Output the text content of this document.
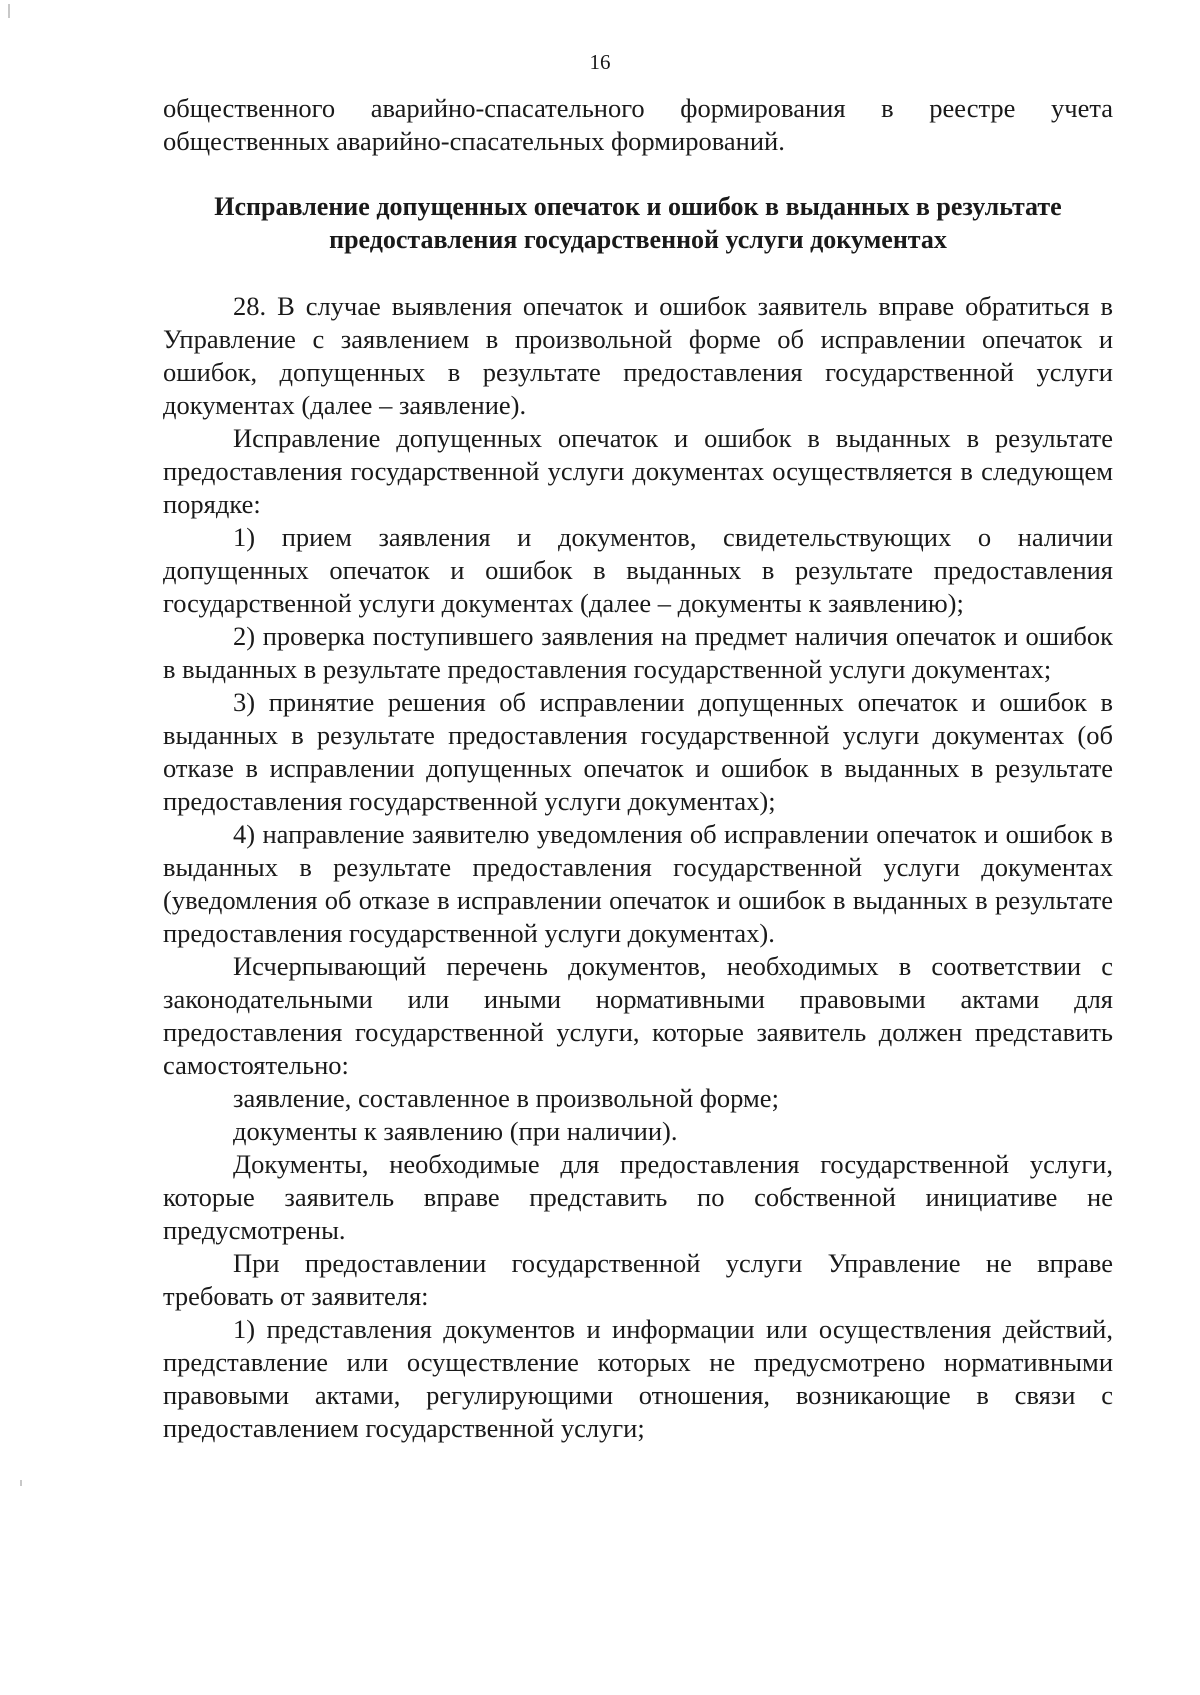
16

общественного аварийно-спасательного формирования в реестре учета общественных аварийно-спасательных формирований.

Исправление допущенных опечаток и ошибок в выданных в результате
предоставления государственной услуги документах

28. В случае выявления опечаток и ошибок заявитель вправе обратиться в Управление с заявлением в произвольной форме об исправлении опечаток и ошибок, допущенных в результате предоставления государственной услуги документах (далее – заявление).

Исправление допущенных опечаток и ошибок в выданных в результате предоставления государственной услуги документах осуществляется в следующем порядке:

1) прием заявления и документов, свидетельствующих о наличии допущенных опечаток и ошибок в выданных в результате предоставления государственной услуги документах (далее – документы к заявлению);

2) проверка поступившего заявления на предмет наличия опечаток и ошибок в выданных в результате предоставления государственной услуги документах;

3) принятие решения об исправлении допущенных опечаток и ошибок в выданных в результате предоставления государственной услуги документах (об отказе в исправлении допущенных опечаток и ошибок в выданных в результате предоставления государственной услуги документах);

4) направление заявителю уведомления об исправлении опечаток и ошибок в выданных в результате предоставления государственной услуги документах (уведомления об отказе в исправлении опечаток и ошибок в выданных в результате предоставления государственной услуги документах).

Исчерпывающий перечень документов, необходимых в соответствии с законодательными или иными нормативными правовыми актами для предоставления государственной услуги, которые заявитель должен представить самостоятельно:

заявление, составленное в произвольной форме;

документы к заявлению (при наличии).

Документы, необходимые для предоставления государственной услуги, которые заявитель вправе представить по собственной инициативе не предусмотрены.

При предоставлении государственной услуги Управление не вправе требовать от заявителя:

1) представления документов и информации или осуществления действий, представление или осуществление которых не предусмотрено нормативными правовыми актами, регулирующими отношения, возникающие в связи с предоставлением государственной услуги;
